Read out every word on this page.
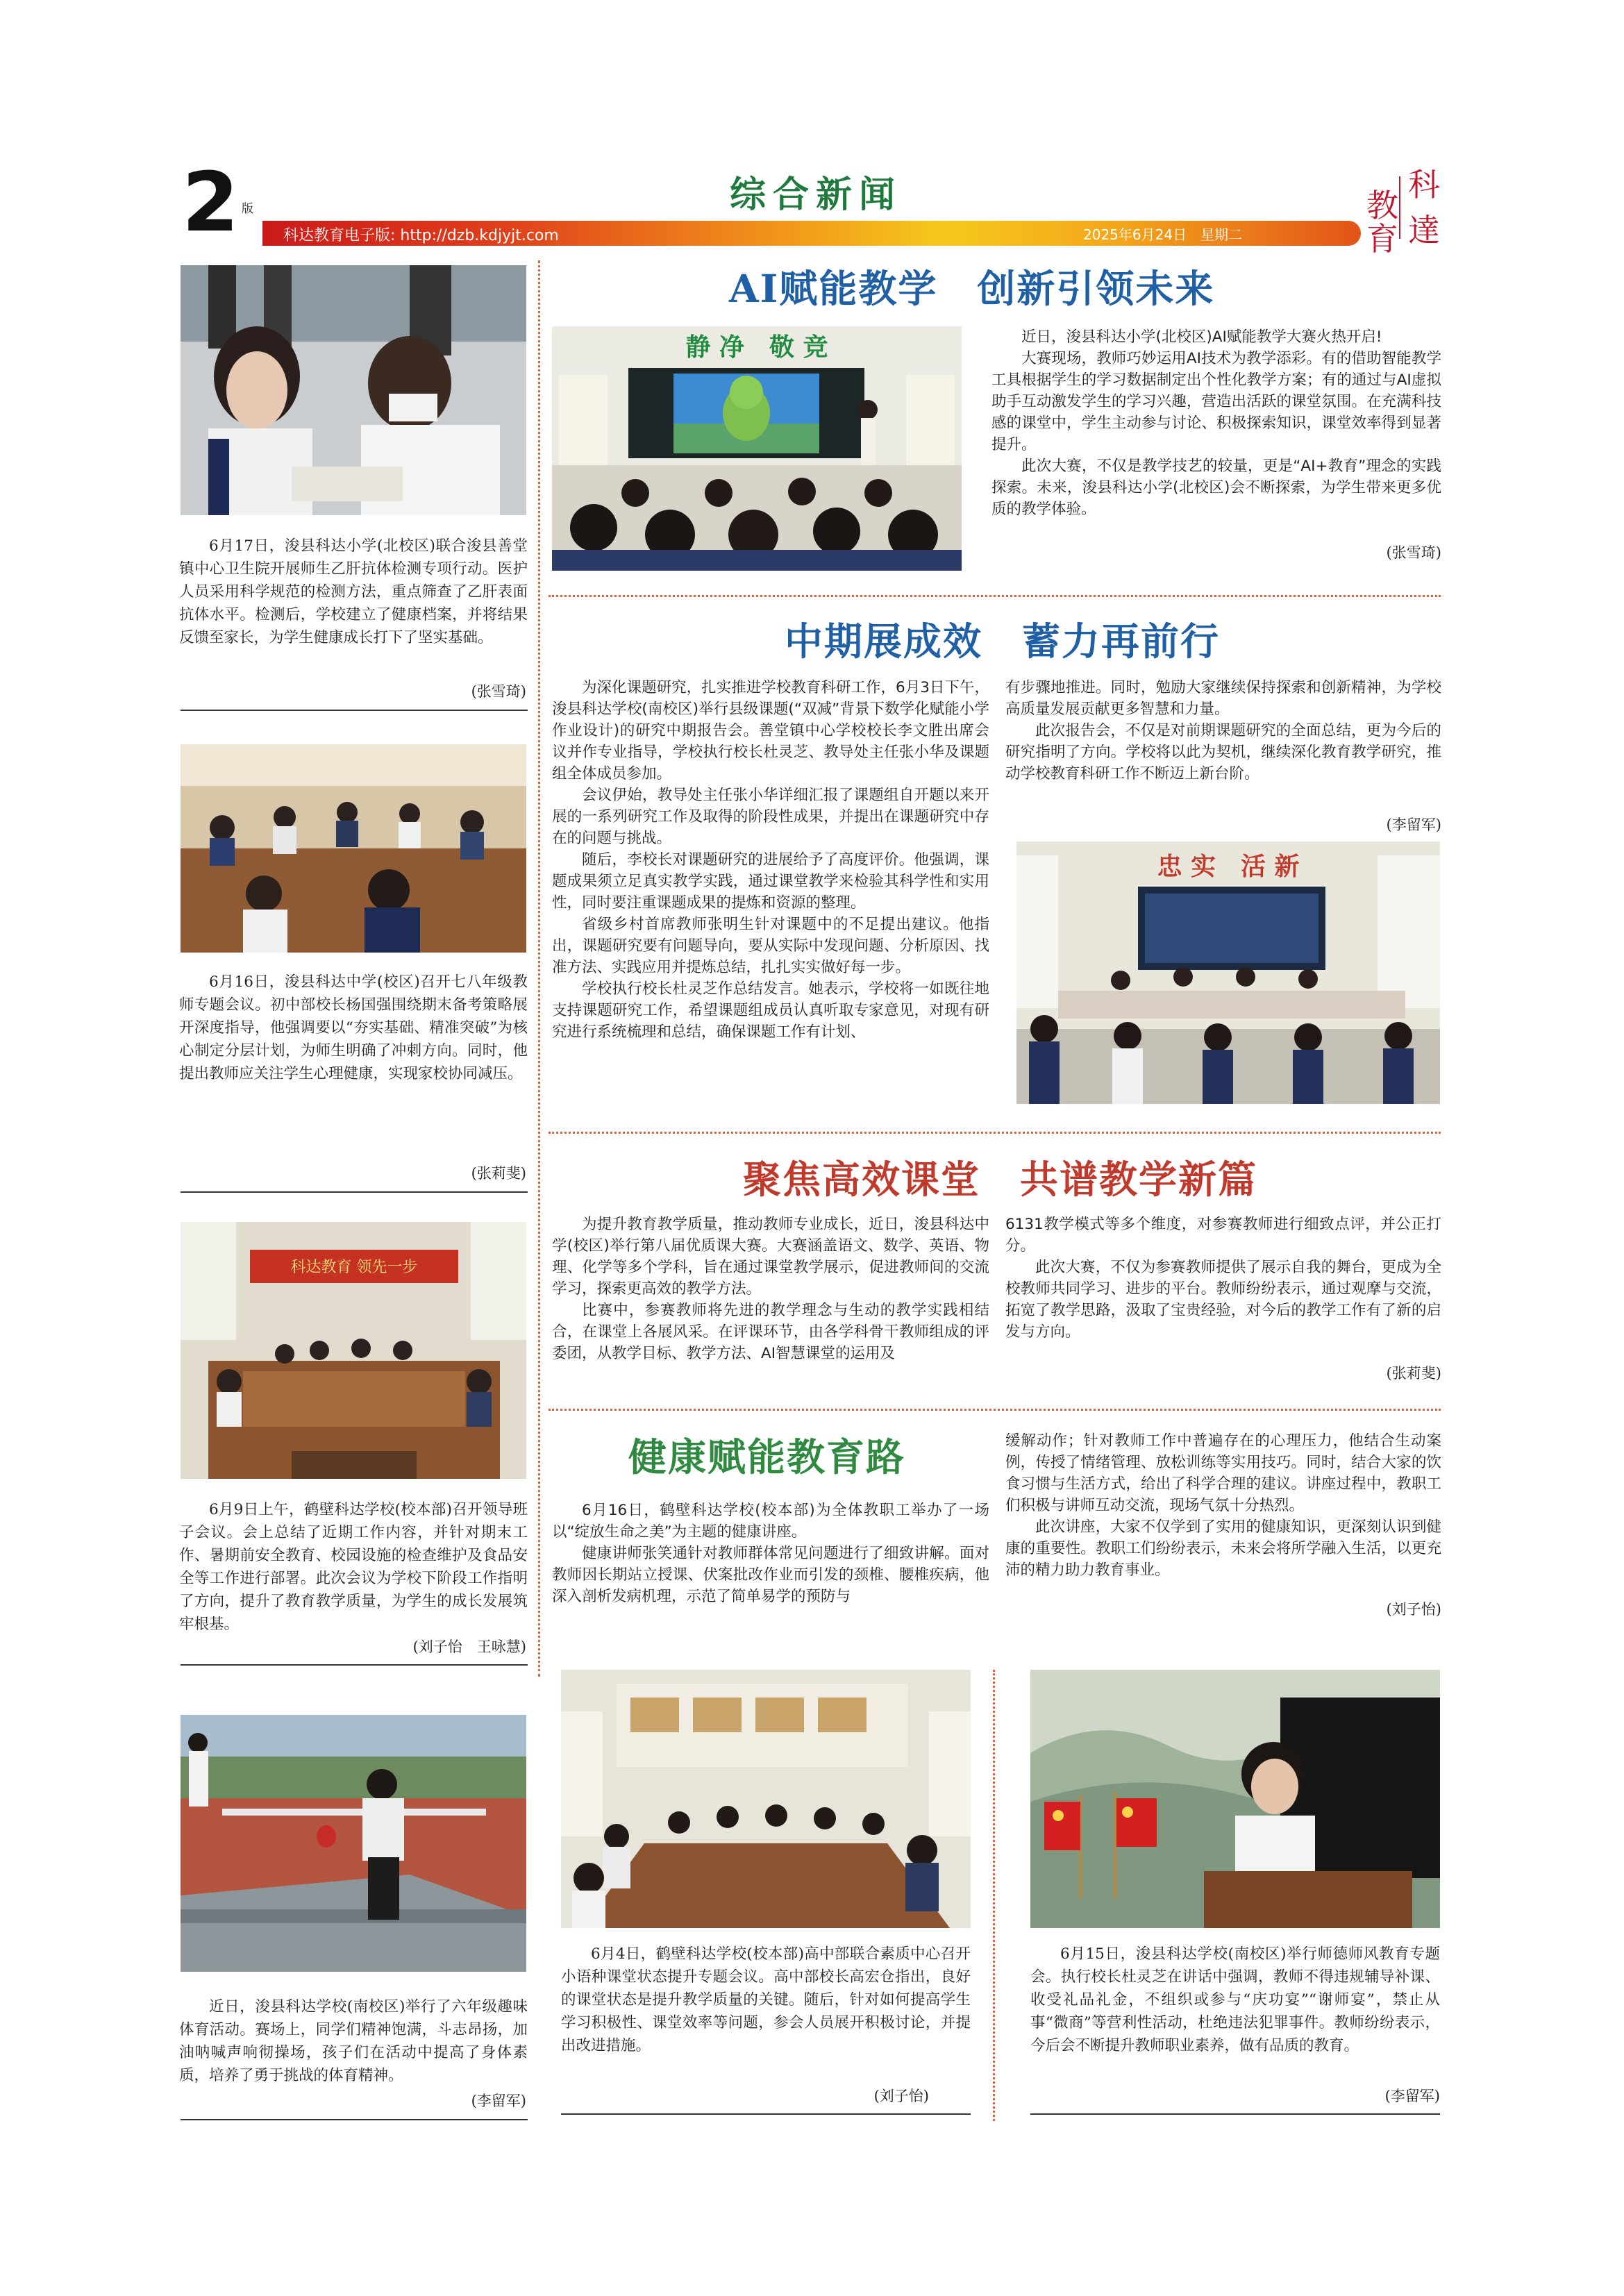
2 版	综合新闻
科达教育电子版: http://dzb.kdjyjt.com	2025年6月24日　星期二
科
教
育 達
6月17日，浚县科达小学(北校区)联合浚县善堂镇中心卫生院开展师生乙肝抗体检测专项行动。医护人员采用科学规范的检测方法，重点筛查了乙肝表面抗体水平。检测后，学校建立了健康档案，并将结果反馈至家长，为学生健康成长打下了坚实基础。
(张雪琦)
6月16日，浚县科达中学(校区)召开七八年级教师专题会议。初中部校长杨国强围绕期末备考策略展开深度指导，他强调要以“夯实基础、精准突破”为核心制定分层计划，为师生明确了冲刺方向。同时，他提出教师应关注学生心理健康，实现家校协同减压。
(张莉斐)
科达教育 领先一步
6月9日上午，鹤壁科达学校(校本部)召开领导班子会议。会上总结了近期工作内容，并针对期末工作、暑期前安全教育、校园设施的检查维护及食品安全等工作进行部署。此次会议为学校下阶段工作指明了方向，提升了教育教学质量，为学生的成长发展筑牢根基。
(刘子怡　王咏慧)
近日，浚县科达学校(南校区)举行了六年级趣味体育活动。赛场上，同学们精神饱满，斗志昂扬，加油呐喊声响彻操场，孩子们在活动中提高了身体素质，培养了勇于挑战的体育精神。
(李留军)
AI赋能教学　创新引领未来
静 净　敬 竞	近日，浚县科达小学(北校区)AI赋能教学大赛火热开启!

大赛现场，教师巧妙运用AI技术为教学添彩。有的借助智能教学工具根据学生的学习数据制定出个性化教学方案；有的通过与AI虚拟助手互动激发学生的学习兴趣，营造出活跃的课堂氛围。在充满科技感的课堂中，学生主动参与讨论、积极探索知识，课堂效率得到显著提升。

此次大赛，不仅是教学技艺的较量，更是“AI+教育”理念的实践探索。未来，浚县科达小学(北校区)会不断探索，为学生带来更多优质的教学体验。

(张雪琦)
中期展成效　蓄力再前行

为深化课题研究，扎实推进学校教育科研工作，6月3日下午，浚县科达学校(南校区)举行县级课题(“双减”背景下数学化赋能小学作业设计)的研究中期报告会。善堂镇中心学校校长李文胜出席会议并作专业指导，学校执行校长杜灵芝、教导处主任张小华及课题组全体成员参加。

会议伊始，教导处主任张小华详细汇报了课题组自开题以来开展的一系列研究工作及取得的阶段性成果，并提出在课题研究中存在的问题与挑战。

随后，李校长对课题研究的进展给予了高度评价。他强调，课题成果须立足真实教学实践，通过课堂教学来检验其科学性和实用性，同时要注重课题成果的提炼和资源的整理。

省级乡村首席教师张明生针对课题中的不足提出建议。他指出，课题研究要有问题导向，要从实际中发现问题、分析原因、找准方法、实践应用并提炼总结，扎扎实实做好每一步。

学校执行校长杜灵芝作总结发言。她表示，学校将一如既往地支持课题研究工作，希望课题组成员认真听取专家意见，对现有研究进行系统梳理和总结，确保课题工作有计划、

有步骤地推进。同时，勉励大家继续保持探索和创新精神，为学校高质量发展贡献更多智慧和力量。

此次报告会，不仅是对前期课题研究的全面总结，更为今后的研究指明了方向。学校将以此为契机，继续深化教育教学研究，推动学校教育科研工作不断迈上新台阶。

(李留军)
忠 实　活 新
聚焦高效课堂　共谱教学新篇

为提升教育教学质量，推动教师专业成长，近日，浚县科达中学(校区)举行第八届优质课大赛。大赛涵盖语文、数学、英语、物理、化学等多个学科，旨在通过课堂教学展示，促进教师间的交流学习，探索更高效的教学方法。

比赛中，参赛教师将先进的教学理念与生动的教学实践相结合，在课堂上各展风采。在评课环节，由各学科骨干教师组成的评委团，从教学目标、教学方法、AI智慧课堂的运用及

6131教学模式等多个维度，对参赛教师进行细致点评，并公正打分。

此次大赛，不仅为参赛教师提供了展示自我的舞台，更成为全校教师共同学习、进步的平台。教师纷纷表示，通过观摩与交流，拓宽了教学思路，汲取了宝贵经验，对今后的教学工作有了新的启发与方向。

(张莉斐)
健康赋能教育路

6月16日，鹤壁科达学校(校本部)为全体教职工举办了一场以“绽放生命之美”为主题的健康讲座。

健康讲师张笑通针对教师群体常见问题进行了细致讲解。面对教师因长期站立授课、伏案批改作业而引发的颈椎、腰椎疾病，他深入剖析发病机理，示范了简单易学的预防与

缓解动作；针对教师工作中普遍存在的心理压力，他结合生动案例，传授了情绪管理、放松训练等实用技巧。同时，结合大家的饮食习惯与生活方式，给出了科学合理的建议。讲座过程中，教职工们积极与讲师互动交流，现场气氛十分热烈。

此次讲座，大家不仅学到了实用的健康知识，更深刻认识到健康的重要性。教职工们纷纷表示，未来会将所学融入生活，以更充沛的精力助力教育事业。

(刘子怡)
6月4日，鹤壁科达学校(校本部)高中部联合素质中心召开小语种课堂状态提升专题会议。高中部校长高宏仓指出，良好的课堂状态是提升教学质量的关键。随后，针对如何提高学生学习积极性、课堂效率等问题，参会人员展开积极讨论，并提出改进措施。
(刘子怡)
6月15日，浚县科达学校(南校区)举行师德师风教育专题会。执行校长杜灵芝在讲话中强调，教师不得违规辅导补课、收受礼品礼金，不组织或参与“庆功宴”“谢师宴”，禁止从事“微商”等营利性活动，杜绝违法犯罪事件。教师纷纷表示，今后会不断提升教师职业素养，做有品质的教育。
(李留军)
